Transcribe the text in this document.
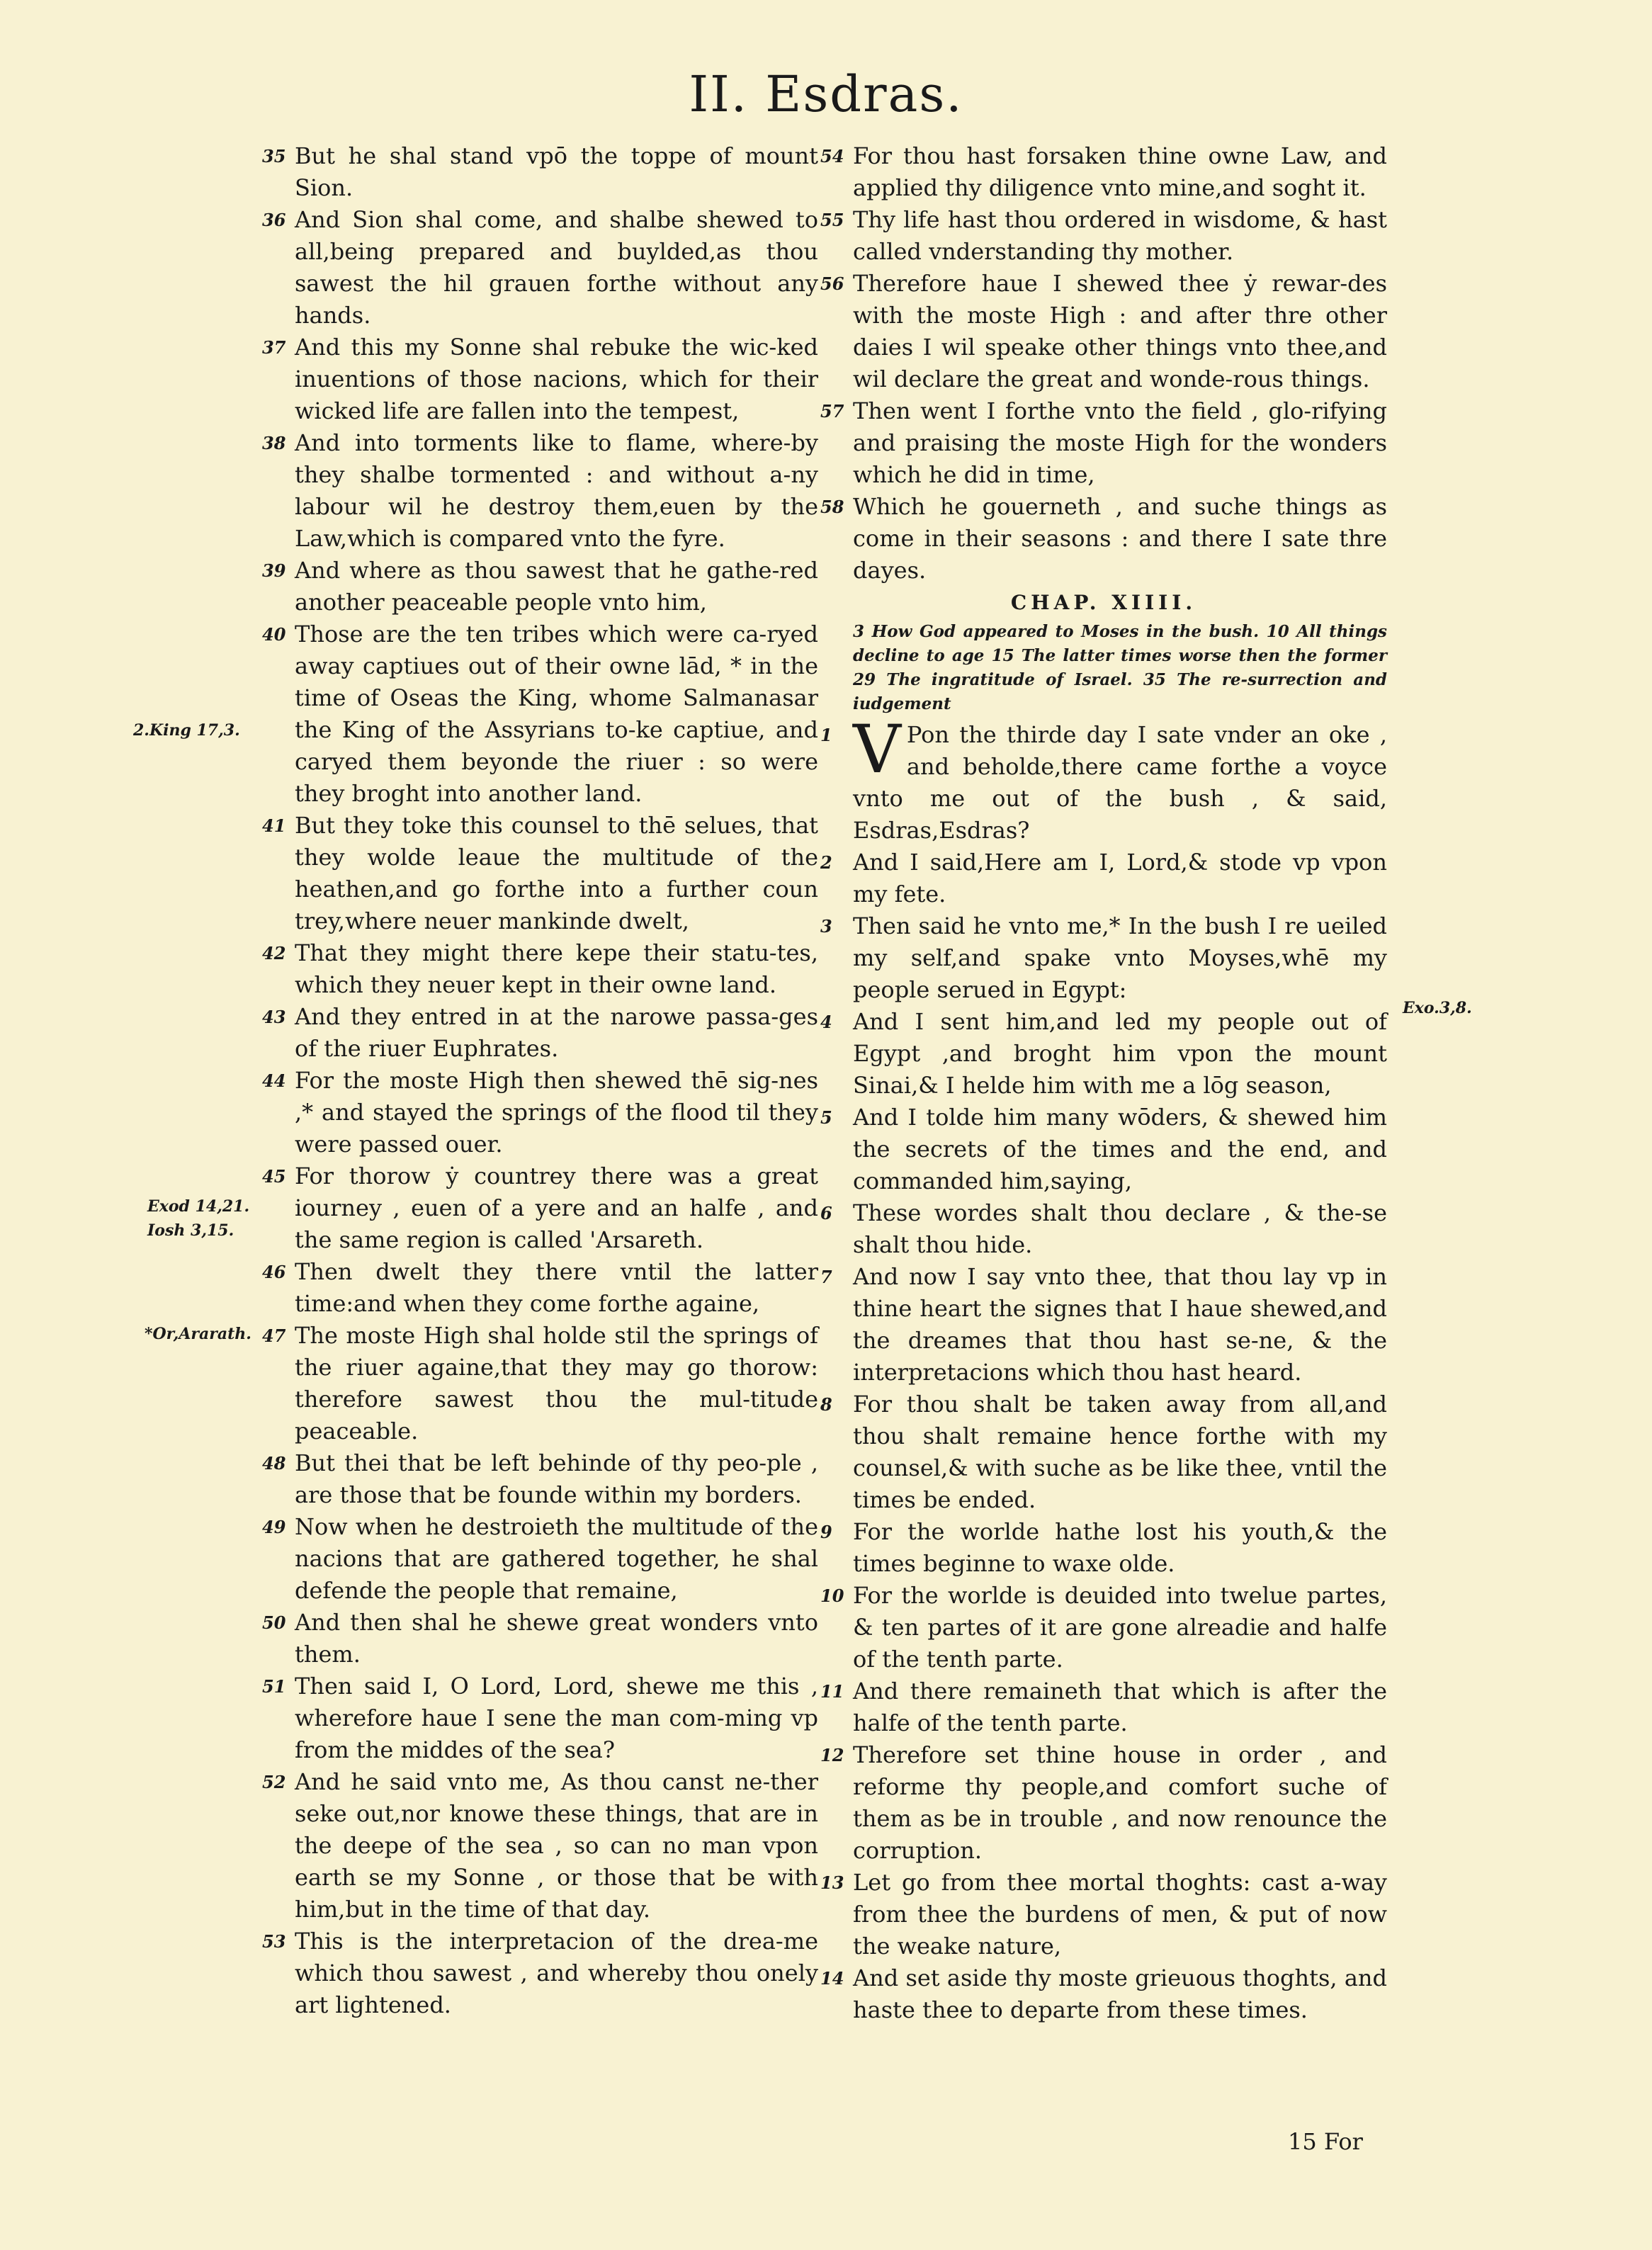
II. Esdras.
2.King 17,3.
Exod 14,21.
Iosh 3,15.
*Or,Ararath.
Exo.3,8.
35 But he shal stand vpō the toppe of mount Sion.
36 And Sion shal come, and shalbe shewed to all,being prepared and buylded,as thou sawest the hil grauen forthe without any hands.
37 And this my Sonne shal rebuke the wic-ked inuentions of those nacions, which for their wicked life are fallen into the tempest,
38 And into torments like to flame, where-by they shalbe tormented : and without a-ny labour wil he destroy them,euen by the Law,which is compared vnto the fyre.
39 And where as thou sawest that he gathe-red another peaceable people vnto him,
40 Those are the ten tribes which were ca-ryed away captiues out of their owne lād, * in the time of Oseas the King, whome Salmanasar the King of the Assyrians to-ke captiue, and caryed them beyonde the riuer : so were they broght into another land.
41 But they toke this counsel to thē selues, that they wolde leaue the multitude of the heathen,and go forthe into a further coun trey,where neuer mankinde dwelt,
42 That they might there kepe their statu-tes, which they neuer kept in their owne land.
43 And they entred in at the narowe passa-ges of the riuer Euphrates.
44 For the moste High then shewed thē sig-nes ,* and stayed the springs of the flood til they were passed ouer.
45 For thorow ẏ countrey there was a great iourney , euen of a yere and an halfe , and the same region is called 'Arsareth.
46 Then dwelt they there vntil the latter time:and when they come forthe againe,
47 The moste High shal holde stil the springs of the riuer againe,that they may go thorow: therefore sawest thou the mul-titude peaceable.
48 But thei that be left behinde of thy peo-ple , are those that be founde within my borders.
49 Now when he destroieth the multitude of the nacions that are gathered together, he shal defende the people that remaine,
50 And then shal he shewe great wonders vnto them.
51 Then said I, O Lord, Lord, shewe me this , wherefore haue I sene the man com-ming vp from the middes of the sea?
52 And he said vnto me, As thou canst ne-ther seke out,nor knowe these things, that are in the deepe of the sea , so can no man vpon earth se my Sonne , or those that be with him,but in the time of that day.
53 This is the interpretacion of the drea-me which thou sawest , and whereby thou onely art lightened.
54 For thou hast forsaken thine owne Law, and applied thy diligence vnto mine,and soght it.
55 Thy life hast thou ordered in wisdome, & hast called vnderstanding thy mother.
56 Therefore haue I shewed thee ẏ rewar-des with the moste High : and after thre other daies I wil speake other things vnto thee,and wil declare the great and wonde-rous things.
57 Then went I forthe vnto the field , glo-rifying and praising the moste High for the wonders which he did in time,
58 Which he gouerneth , and suche things as come in their seasons : and there I sate thre dayes.
CHAP. XIIII.
3 How God appeared to Moses in the bush. 10 All things decline to age 15 The latter times worse then the former 29 The ingratitude of Israel. 35 The re-surrection and iudgement
1 V Pon the thirde day I sate vnder an oke , and beholde,there came forthe a voyce vnto me out of the bush , & said, Esdras,Esdras?
2 And I said,Here am I, Lord,& stode vp vpon my fete.
3 Then said he vnto me,* In the bush I re ueiled my self,and spake vnto Moyses,whē my people serued in Egypt:
4 And I sent him,and led my people out of Egypt ,and broght him vpon the mount Sinai,& I helde him with me a lōg season,
5 And I tolde him many wōders, & shewed him the secrets of the times and the end, and commanded him,saying,
6 These wordes shalt thou declare , & the-se shalt thou hide.
7 And now I say vnto thee, that thou lay vp in thine heart the signes that I haue shewed,and the dreames that thou hast se-ne, & the interpretacions which thou hast heard.
8 For thou shalt be taken away from all,and thou shalt remaine hence forthe with my counsel,& with suche as be like thee, vntil the times be ended.
9 For the worlde hathe lost his youth,& the times beginne to waxe olde.
10 For the worlde is deuided into twelue partes, & ten partes of it are gone alreadie and halfe of the tenth parte.
11 And there remaineth that which is after the halfe of the tenth parte.
12 Therefore set thine house in order , and reforme thy people,and comfort suche of them as be in trouble , and now renounce the corruption.
13 Let go from thee mortal thoghts: cast a-way from thee the burdens of men, & put of now the weake nature,
14 And set aside thy moste grieuous thoghts, and haste thee to departe from these times.
15 For
